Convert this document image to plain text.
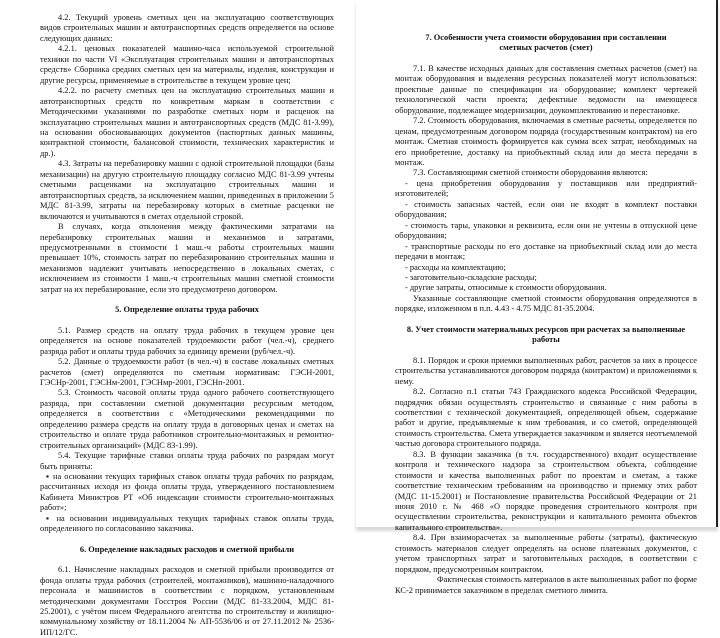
4.2. Текущий уровень сметных цен на эксплуатацию соответствующих видов строительных машин и автотранспортных средств определяется на основе следующих данных:

4.2.1. ценовых показателей машино-часа используемой строительной техники по части VI «Эксплуатация строительных машин и автотранспортных средств» Сборника средних сметных цен на материалы, изделия, конструкции и другие ресурсы, применяемые в строительстве в текущем уровне цен;

4.2.2. по расчету сметных цен на эксплуатацию строительных машин и автотранспортных средств по конкретным маркам в соответствии с Методическими указаниями по разработке сметных норм и расценок на эксплуатацию строительных машин и автотранспортных средств (МДС 81-3.99), на основании обосновывающих документов (паспортных данных машины, контрактной стоимости, балансовой стоимости, технических характеристик и др.).

4.3. Затраты на перебазировку машин с одной строительной площадки (базы механизации) на другую строительную площадку согласно МДС 81-3.99 учтены сметными расценками на эксплуатацию строительных машин и автотранспортных средств, за исключением машин, приведенных в приложении 5 МДС 81-3.99, затраты на перебазировку которых в сметные расценки не включаются и учитываются в сметах отдельной строкой.

В случаях, когда отклонения между фактическими затратами на перебазировку строительных машин и механизмов и затратами, предусмотренными в стоимости 1 маш.-ч работы строительных машин превышает 10%, стоимость затрат по перебазированию строительных машин и механизмов надлежит учитывать непосредственно в локальных сметах, с исключением из стоимости 1 маш.-ч строительных машин сметной стоимости затрат на их перебазирование, если это предусмотрено договором.

5. Определение оплаты труда рабочих

5.1. Размер средств на оплату труда рабочих в текущем уровне цен определяется на основе показателей трудоемкости работ (чел.-ч), среднего разряда работ и оплаты труда рабочих за единицу времени (руб/чел.-ч).

5.2. Данные о трудоемкости работ (в чел.-ч) в составе локальных сметных расчетов (смет) определяются по сметным нормативам: ГЭСН-2001, ГЭСНр-2001, ГЭСНм-2001, ГЭСНмр-2001, ГЭСНп-2001.

5.3. Стоимость часовой оплаты труда одного рабочего соответствующего разряда, при составлении сметной документации ресурсным методом, определяется в соответствии с «Методическими рекомендациями по определению размера средств на оплату труда в договорных ценах и сметах на строительство и оплате труда работников строительно-монтажных и ремонтно-строительных организаций» (МДС 83-1.99).

5.4. Текущие тарифные ставки оплаты труда рабочих по разрядам могут быть приняты:

▪ на основании текущих тарифных ставок оплаты труда рабочих по разрядам, рассчитанных исходя из фонда оплаты труда, утвержденного постановлением Кабинета Министров РТ «Об индексации стоимости строительно-монтажных работ»;

▪ на основании индивидуальных текущих тарифных ставок оплаты труда, определенного по согласованию заказчика.

6. Определение накладных расходов и сметной прибыли

6.1. Начисление накладных расходов и сметной прибыли производится от фонда оплаты труда рабочих (строителей, монтажников), машинно-наладочного персонала и машинистов в соответствии с порядком, установленным методическими документами Госстроя России (МДС 81-33.2004, МДС 81-25.2001), с учётом писем Федерального агентства по строительству и жилищно-коммунальному хозяйству от 18.11.2004 № АП-5536/06 и от 27.11.2012 № 2536-ИП/12/ГС.

7. Особенности учета стоимости оборудования при составлении сметных расчетов (смет)

7.1. В качестве исходных данных для составления сметных расчетов (смет) на монтаж оборудования и выделения ресурсных показателей могут использоваться: проектные данные по спецификации на оборудование; комплект чертежей технологической части проекта; дефектные ведомости на имеющееся оборудование, подлежащее модернизации, доукомплектованию и перестановке.

7.2. Стоимость оборудования, включаемая в сметные расчеты, определяется по ценам, предусмотренным договором подряда (государственным контрактом) на его монтаж. Сметная стоимость формируется как сумма всех затрат, необходимых на его приобретение, доставку на приобъектный склад или до места передачи в монтаж.

7.3. Составляющими сметной стоимости оборудования являются:

- цена приобретения оборудования у поставщиков или предприятий-изготовителей;

- стоимость запасных частей, если они не входят в комплект поставки оборудования;

- стоимость тары, упаковки и реквизита, если они не учтены в отпускной цене оборудования;

- транспортные расходы по его доставке на приобъектный склад или до места передачи в монтаж;

- расходы на комплектацию;

- заготовительно-складские расходы;

- другие затраты, относимые к стоимости оборудования.

Указанные составляющие сметной стоимости оборудования определяются в порядке, изложенном в п.п. 4.43 - 4.75 МДС 81-35.2004.

8. Учет стоимости материальных ресурсов при расчетах за выполненные работы

8.1. Порядок и сроки приемки выполненных работ, расчетов за них в процессе строительства устанавливаются договором подряда (контрактом) и приложениями к нему.

8.2. Согласно п.1 статьи 743 Гражданского кодекса Российской Федерации, подрядчик обязан осуществлять строительство и связанные с ним работы в соответствии с технической документацией, определяющей объем, содержание работ и другие, предъявляемые к ним требования, и со сметой, определяющей стоимость строительства. Смета утверждается заказчиком и является неотъемлемой частью договора строительного подряда.

8.3. В функции заказчика (в т.ч. государственного) входит осуществление контроля и технического надзора за строительством объекта, соблюдение стоимости и качества выполненных работ по проектам и сметам, а также соответствие техническим требованиям на производство и приемку этих работ (МДС 11-15.2001) и Постановление правительства Российской Федерации от 21 июня 2010 г. № 468 «О порядке проведения строительного контроля при осуществлении строительства, реконструкции и капитального ремонта объектов капитального строительства».

8.4. При взаиморасчетах за выполненные работы (затраты), фактическую стоимость материалов следует определять на основе платежных документов, с учетом транспортных затрат и заготовительных расходов, в соответствии с порядком, предусмотренным контрактом.

Фактическая стоимость материалов в акте выполненных работ по форме КС-2 принимается заказчиком в пределах сметного лимита.
